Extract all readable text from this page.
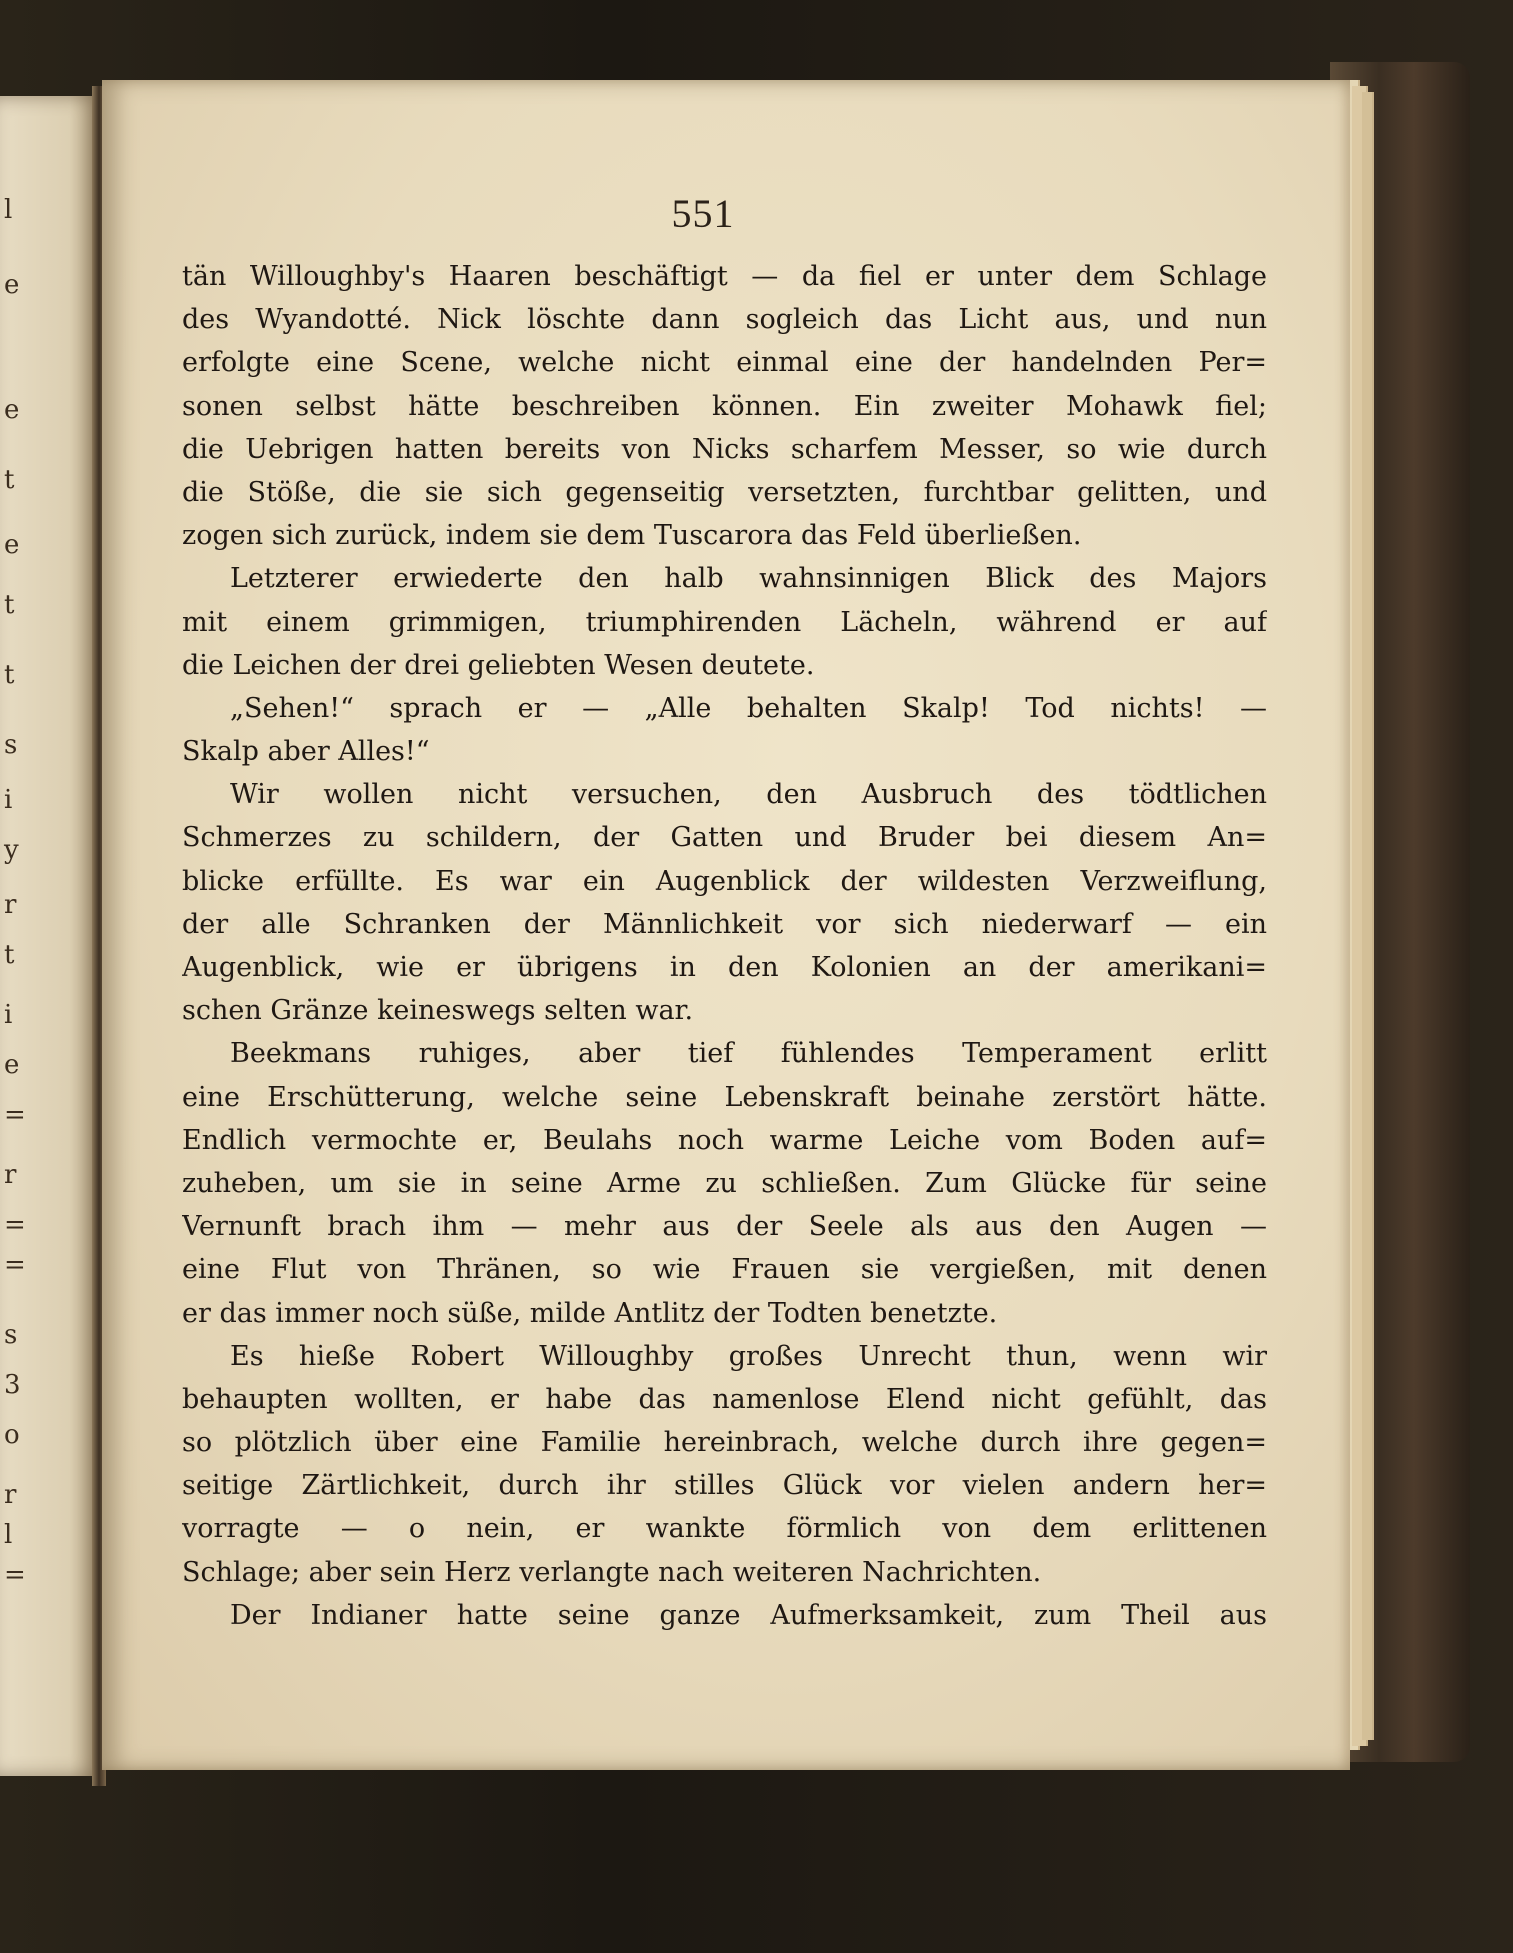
l
e
e
t
e
t
t
s
i
y
r
t
i
e
=
r
=
=
s
3
o
r
l
=
551
tän Willoughby's Haaren beschäftigt — da fiel er unter dem Schlage
des Wyandotté. Nick löschte dann sogleich das Licht aus, und nun
erfolgte eine Scene, welche nicht einmal eine der handelnden Per=
sonen selbst hätte beschreiben können. Ein zweiter Mohawk fiel;
die Uebrigen hatten bereits von Nicks scharfem Messer, so wie durch
die Stöße, die sie sich gegenseitig versetzten, furchtbar gelitten, und
zogen sich zurück, indem sie dem Tuscarora das Feld überließen.
Letzterer erwiederte den halb wahnsinnigen Blick des Majors
mit einem grimmigen, triumphirenden Lächeln, während er auf
die Leichen der drei geliebten Wesen deutete.
„Sehen!“ sprach er — „Alle behalten Skalp! Tod nichts! —
Skalp aber Alles!“
Wir wollen nicht versuchen, den Ausbruch des tödtlichen
Schmerzes zu schildern, der Gatten und Bruder bei diesem An=
blicke erfüllte. Es war ein Augenblick der wildesten Verzweiflung,
der alle Schranken der Männlichkeit vor sich niederwarf — ein
Augenblick, wie er übrigens in den Kolonien an der amerikani=
schen Gränze keineswegs selten war.
Beekmans ruhiges, aber tief fühlendes Temperament erlitt
eine Erschütterung, welche seine Lebenskraft beinahe zerstört hätte.
Endlich vermochte er, Beulahs noch warme Leiche vom Boden auf=
zuheben, um sie in seine Arme zu schließen. Zum Glücke für seine
Vernunft brach ihm — mehr aus der Seele als aus den Augen —
eine Flut von Thränen, so wie Frauen sie vergießen, mit denen
er das immer noch süße, milde Antlitz der Todten benetzte.
Es hieße Robert Willoughby großes Unrecht thun, wenn wir
behaupten wollten, er habe das namenlose Elend nicht gefühlt, das
so plötzlich über eine Familie hereinbrach, welche durch ihre gegen=
seitige Zärtlichkeit, durch ihr stilles Glück vor vielen andern her=
vorragte — o nein, er wankte förmlich von dem erlittenen
Schlage; aber sein Herz verlangte nach weiteren Nachrichten.
Der Indianer hatte seine ganze Aufmerksamkeit, zum Theil aus
